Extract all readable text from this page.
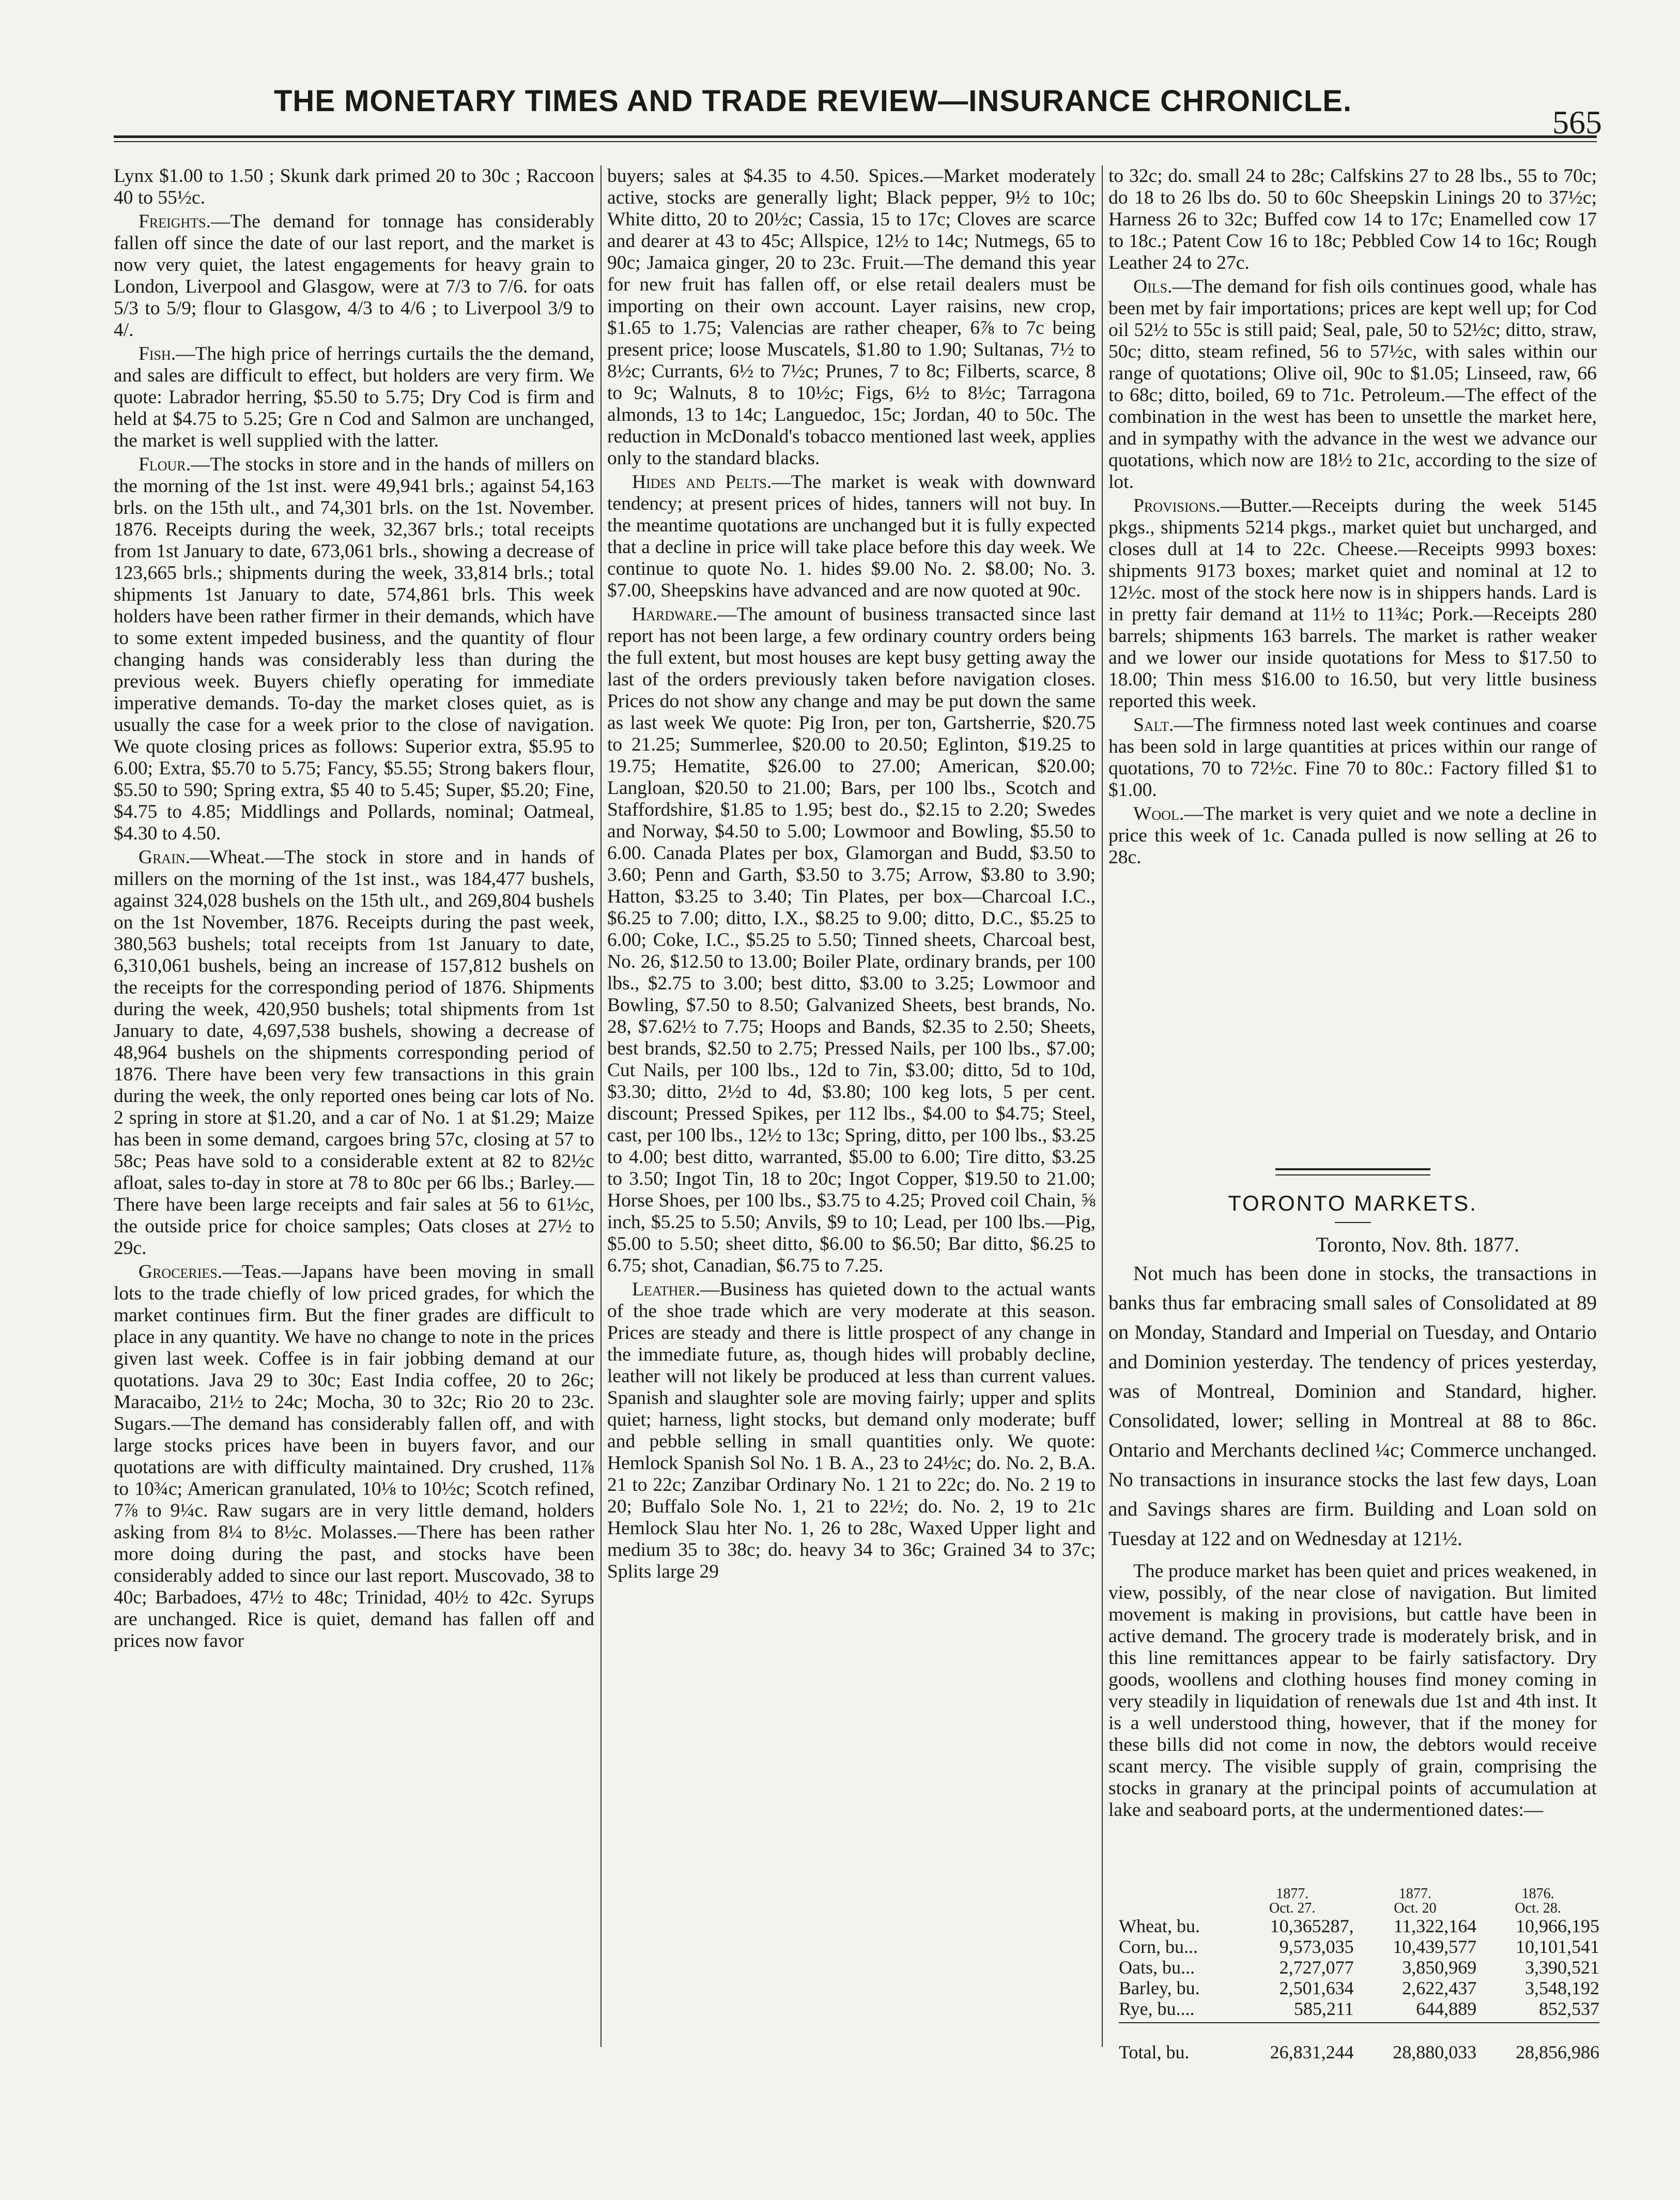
THE MONETARY TIMES AND TRADE REVIEW—INSURANCE CHRONICLE.
565

Lynx $1.00 to 1.50 ; Skunk dark primed 20 to 30c ; Raccoon 40 to 55½c.

Freights.—The demand for tonnage has considerably fallen off since the date of our last report, and the market is now very quiet, the latest engagements for heavy grain to London, Liverpool and Glasgow, were at 7/3 to 7/6. for oats 5/3 to 5/9; flour to Glasgow, 4/3 to 4/6 ; to Liverpool 3/9 to 4/.

Fish.—The high price of herrings curtails the the demand, and sales are difficult to effect, but holders are very firm. We quote: Labrador herring, $5.50 to 5.75; Dry Cod is firm and held at $4.75 to 5.25; Gre n Cod and Salmon are unchanged, the market is well supplied with the latter.

Flour.—The stocks in store and in the hands of millers on the morning of the 1st inst. were 49,941 brls.; against 54,163 brls. on the 15th ult., and 74,301 brls. on the 1st. November. 1876. Receipts during the week, 32,367 brls.; total receipts from 1st January to date, 673,061 brls., showing a decrease of 123,665 brls.; shipments during the week, 33,814 brls.; total shipments 1st January to date, 574,861 brls. This week holders have been rather firmer in their demands, which have to some extent impeded business, and the quantity of flour changing hands was considerably less than during the previous week. Buyers chiefly operating for immediate imperative demands. To-day the market closes quiet, as is usually the case for a week prior to the close of navigation. We quote closing prices as follows: Superior extra, $5.95 to 6.00; Extra, $5.70 to 5.75; Fancy, $5.55; Strong bakers flour, $5.50 to 590; Spring extra, $5 40 to 5.45; Super, $5.20; Fine, $4.75 to 4.85; Middlings and Pollards, nominal; Oatmeal, $4.30 to 4.50.

Grain.—Wheat.—The stock in store and in hands of millers on the morning of the 1st inst., was 184,477 bushels, against 324,028 bushels on the 15th ult., and 269,804 bushels on the 1st November, 1876. Receipts during the past week, 380,563 bushels; total receipts from 1st January to date, 6,310,061 bushels, being an increase of 157,812 bushels on the receipts for the corresponding period of 1876. Shipments during the week, 420,950 bushels; total shipments from 1st January to date, 4,697,538 bushels, showing a decrease of 48,964 bushels on the shipments corresponding period of 1876. There have been very few transactions in this grain during the week, the only reported ones being car lots of No. 2 spring in store at $1.20, and a car of No. 1 at $1.29; Maize has been in some demand, cargoes bring 57c, closing at 57 to 58c; Peas have sold to a considerable extent at 82 to 82½c afloat, sales to-day in store at 78 to 80c per 66 lbs.; Barley.—There have been large receipts and fair sales at 56 to 61½c, the outside price for choice samples; Oats closes at 27½ to 29c.

Groceries.—Teas.—Japans have been moving in small lots to the trade chiefly of low priced grades, for which the market continues firm. But the finer grades are difficult to place in any quantity. We have no change to note in the prices given last week. Coffee is in fair jobbing demand at our quotations. Java 29 to 30c; East India coffee, 20 to 26c; Maracaibo, 21½ to 24c; Mocha, 30 to 32c; Rio 20 to 23c. Sugars.—The demand has considerably fallen off, and with large stocks prices have been in buyers favor, and our quotations are with difficulty maintained. Dry crushed, 11⅞ to 10¾c; American granulated, 10⅛ to 10½c; Scotch refined, 7⅞ to 9¼c. Raw sugars are in very little demand, holders asking from 8¼ to 8½c. Molasses.—There has been rather more doing during the past, and stocks have been considerably added to since our last report. Muscovado, 38 to 40c; Barbadoes, 47½ to 48c; Trinidad, 40½ to 42c. Syrups are unchanged. Rice is quiet, demand has fallen off and prices now favor

buyers; sales at $4.35 to 4.50. Spices.—Market moderately active, stocks are generally light; Black pepper, 9½ to 10c; White ditto, 20 to 20½c; Cassia, 15 to 17c; Cloves are scarce and dearer at 43 to 45c; Allspice, 12½ to 14c; Nutmegs, 65 to 90c; Jamaica ginger, 20 to 23c. Fruit.—The demand this year for new fruit has fallen off, or else retail dealers must be importing on their own account. Layer raisins, new crop, $1.65 to 1.75; Valencias are rather cheaper, 6⅞ to 7c being present price; loose Muscatels, $1.80 to 1.90; Sultanas, 7½ to 8½c; Currants, 6½ to 7½c; Prunes, 7 to 8c; Filberts, scarce, 8 to 9c; Walnuts, 8 to 10½c; Figs, 6½ to 8½c; Tarragona almonds, 13 to 14c; Languedoc, 15c; Jordan, 40 to 50c. The reduction in McDonald's tobacco mentioned last week, applies only to the standard blacks.

Hides and Pelts.—The market is weak with downward tendency; at present prices of hides, tanners will not buy. In the meantime quotations are unchanged but it is fully expected that a decline in price will take place before this day week. We continue to quote No. 1. hides $9.00 No. 2. $8.00; No. 3. $7.00, Sheepskins have advanced and are now quoted at 90c.

Hardware.—The amount of business transacted since last report has not been large, a few ordinary country orders being the full extent, but most houses are kept busy getting away the last of the orders previously taken before navigation closes. Prices do not show any change and may be put down the same as last week We quote: Pig Iron, per ton, Gartsherrie, $20.75 to 21.25; Summerlee, $20.00 to 20.50; Eglinton, $19.25 to 19.75; Hematite, $26.00 to 27.00; American, $20.00; Langloan, $20.50 to 21.00; Bars, per 100 lbs., Scotch and Staffordshire, $1.85 to 1.95; best do., $2.15 to 2.20; Swedes and Norway, $4.50 to 5.00; Lowmoor and Bowling, $5.50 to 6.00. Canada Plates per box, Glamorgan and Budd, $3.50 to 3.60; Penn and Garth, $3.50 to 3.75; Arrow, $3.80 to 3.90; Hatton, $3.25 to 3.40; Tin Plates, per box—Charcoal I.C., $6.25 to 7.00; ditto, I.X., $8.25 to 9.00; ditto, D.C., $5.25 to 6.00; Coke, I.C., $5.25 to 5.50; Tinned sheets, Charcoal best, No. 26, $12.50 to 13.00; Boiler Plate, ordinary brands, per 100 lbs., $2.75 to 3.00; best ditto, $3.00 to 3.25; Lowmoor and Bowling, $7.50 to 8.50; Galvanized Sheets, best brands, No. 28, $7.62½ to 7.75; Hoops and Bands, $2.35 to 2.50; Sheets, best brands, $2.50 to 2.75; Pressed Nails, per 100 lbs., $7.00; Cut Nails, per 100 lbs., 12d to 7in, $3.00; ditto, 5d to 10d, $3.30; ditto, 2½d to 4d, $3.80; 100 keg lots, 5 per cent. discount; Pressed Spikes, per 112 lbs., $4.00 to $4.75; Steel, cast, per 100 lbs., 12½ to 13c; Spring, ditto, per 100 lbs., $3.25 to 4.00; best ditto, warranted, $5.00 to 6.00; Tire ditto, $3.25 to 3.50; Ingot Tin, 18 to 20c; Ingot Copper, $19.50 to 21.00; Horse Shoes, per 100 lbs., $3.75 to 4.25; Proved coil Chain, ⅝ inch, $5.25 to 5.50; Anvils, $9 to 10; Lead, per 100 lbs.—Pig, $5.00 to 5.50; sheet ditto, $6.00 to $6.50; Bar ditto, $6.25 to 6.75; shot, Canadian, $6.75 to 7.25.

Leather.—Business has quieted down to the actual wants of the shoe trade which are very moderate at this season. Prices are steady and there is little prospect of any change in the immediate future, as, though hides will probably decline, leather will not likely be produced at less than current values. Spanish and slaughter sole are moving fairly; upper and splits quiet; harness, light stocks, but demand only moderate; buff and pebble selling in small quantities only. We quote: Hemlock Spanish Sol No. 1 B. A., 23 to 24½c; do. No. 2, B.A. 21 to 22c; Zanzibar Ordinary No. 1 21 to 22c; do. No. 2 19 to 20; Buffalo Sole No. 1, 21 to 22½; do. No. 2, 19 to 21c Hemlock Slau hter No. 1, 26 to 28c, Waxed Upper light and medium 35 to 38c; do. heavy 34 to 36c; Grained 34 to 37c; Splits large 29

to 32c; do. small 24 to 28c; Calfskins 27 to 28 lbs., 55 to 70c; do 18 to 26 lbs do. 50 to 60c Sheepskin Linings 20 to 37½c; Harness 26 to 32c; Buffed cow 14 to 17c; Enamelled cow 17 to 18c.; Patent Cow 16 to 18c; Pebbled Cow 14 to 16c; Rough Leather 24 to 27c.

Oils.—The demand for fish oils continues good, whale has been met by fair importations; prices are kept well up; for Cod oil 52½ to 55c is still paid; Seal, pale, 50 to 52½c; ditto, straw, 50c; ditto, steam refined, 56 to 57½c, with sales within our range of quotations; Olive oil, 90c to $1.05; Linseed, raw, 66 to 68c; ditto, boiled, 69 to 71c. Petroleum.—The effect of the combination in the west has been to unsettle the market here, and in sympathy with the advance in the west we advance our quotations, which now are 18½ to 21c, according to the size of lot.

Provisions.—Butter.—Receipts during the week 5145 pkgs., shipments 5214 pkgs., market quiet but uncharged, and closes dull at 14 to 22c. Cheese.—Receipts 9993 boxes: shipments 9173 boxes; market quiet and nominal at 12 to 12½c. most of the stock here now is in shippers hands. Lard is in pretty fair demand at 11½ to 11¾c; Pork.—Receipts 280 barrels; shipments 163 barrels. The market is rather weaker and we lower our inside quotations for Mess to $17.50 to 18.00; Thin mess $16.00 to 16.50, but very little business reported this week.

Salt.—The firmness noted last week continues and coarse has been sold in large quantities at prices within our range of quotations, 70 to 72½c. Fine 70 to 80c.: Factory filled $1 to $1.00.

Wool.—The market is very quiet and we note a decline in price this week of 1c. Canada pulled is now selling at 26 to 28c.

TORONTO MARKETS.
Toronto, Nov. 8th. 1877.
Not much has been done in stocks, the transactions in banks thus far embracing small sales of Consolidated at 89 on Monday, Standard and Imperial on Tuesday, and Ontario and Dominion yesterday. The tendency of prices yesterday, was of Montreal, Dominion and Standard, higher. Consolidated, lower; selling in Montreal at 88 to 86c. Ontario and Merchants declined ¼c; Commerce unchanged. No transactions in insurance stocks the last few days, Loan and Savings shares are firm. Building and Loan sold on Tuesday at 122 and on Wednesday at 121½.
The produce market has been quiet and prices weakened, in view, possibly, of the near close of navigation. But limited movement is making in provisions, but cattle have been in active demand. The grocery trade is moderately brisk, and in this line remittances appear to be fairly satisfactory. Dry goods, woollens and clothing houses find money coming in very steadily in liquidation of renewals due 1st and 4th inst. It is a well understood thing, however, that if the money for these bills did not come in now, the debtors would receive scant mercy. The visible supply of grain, comprising the stocks in granary at the principal points of accumulation at lake and seaboard ports, at the undermentioned dates:—
	1877.	1877.	1876.
	Oct. 27.	Oct. 20	Oct. 28.
Wheat, bu.	10,365287,	11,322,164	10,966,195
Corn, bu...	9,573,035	10,439,577	10,101,541
Oats, bu...	2,727,077	3,850,969	3,390,521
Barley, bu.	2,501,634	2,622,437	3,548,192
Rye, bu....	585,211	644,889	852,537

Total, bu.	26,831,244	28,880,033	28,856,986
